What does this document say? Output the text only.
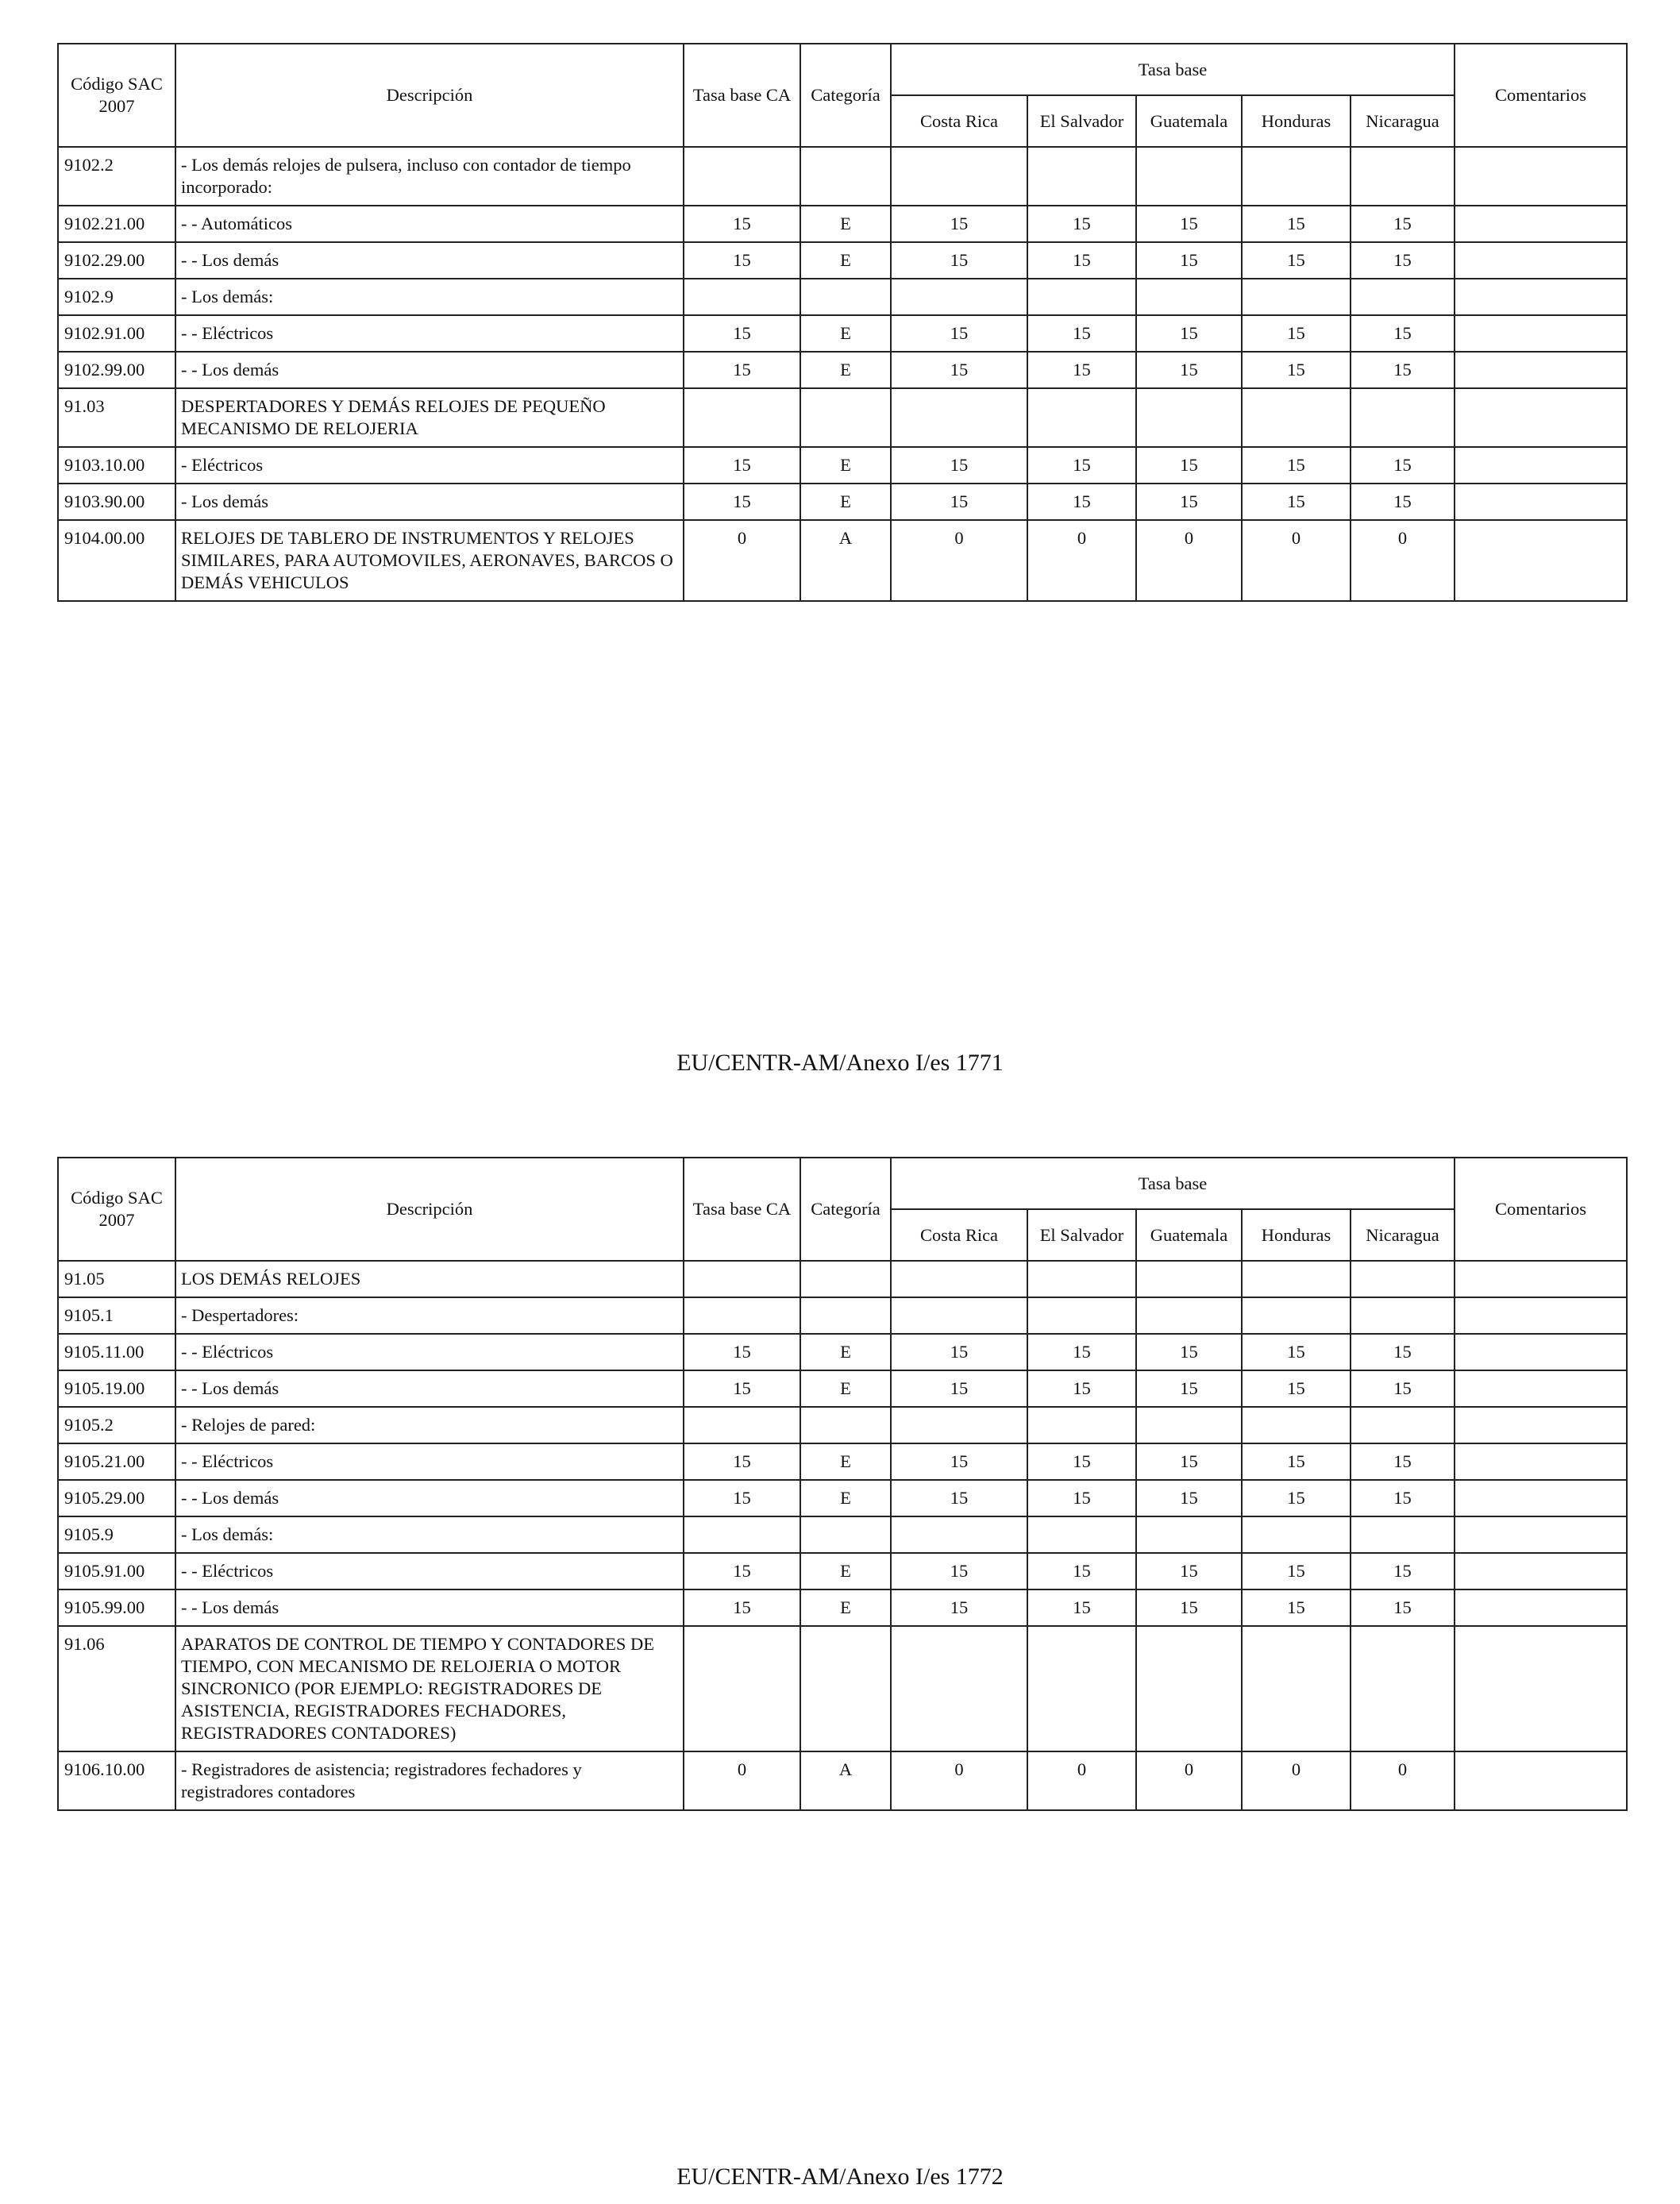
Código SAC 2007	Descripción	Tasa base CA	Categoría	Tasa base					Comentarios
				Costa Rica	El Salvador	Guatemala	Honduras	Nicaragua	
9102.2	- Los demás relojes de pulsera, incluso con contador de tiempo incorporado:								
9102.21.00	- - Automáticos	15	E	15	15	15	15	15	
9102.29.00	- - Los demás	15	E	15	15	15	15	15	
9102.9	- Los demás:								
9102.91.00	- - Eléctricos	15	E	15	15	15	15	15	
9102.99.00	- - Los demás	15	E	15	15	15	15	15	
91.03	DESPERTADORES Y DEMÁS RELOJES DE PEQUEÑO MECANISMO DE RELOJERIA								
9103.10.00	- Eléctricos	15	E	15	15	15	15	15	
9103.90.00	- Los demás	15	E	15	15	15	15	15	
9104.00.00	RELOJES DE TABLERO DE INSTRUMENTOS Y RELOJES SIMILARES, PARA AUTOMOVILES, AERONAVES, BARCOS O DEMÁS VEHICULOS	0	A	0	0	0	0	0	
EU/CENTR-AM/Anexo I/es 1771
Código SAC 2007	Descripción	Tasa base CA	Categoría	Tasa base					Comentarios
				Costa Rica	El Salvador	Guatemala	Honduras	Nicaragua	
91.05	LOS DEMÁS RELOJES								
9105.1	- Despertadores:								
9105.11.00	- - Eléctricos	15	E	15	15	15	15	15	
9105.19.00	- - Los demás	15	E	15	15	15	15	15	
9105.2	- Relojes de pared:								
9105.21.00	- - Eléctricos	15	E	15	15	15	15	15	
9105.29.00	- - Los demás	15	E	15	15	15	15	15	
9105.9	- Los demás:								
9105.91.00	- - Eléctricos	15	E	15	15	15	15	15	
9105.99.00	- - Los demás	15	E	15	15	15	15	15	
91.06	APARATOS DE CONTROL DE TIEMPO Y CONTADORES DE TIEMPO, CON MECANISMO DE RELOJERIA O MOTOR SINCRONICO (POR EJEMPLO: REGISTRADORES DE ASISTENCIA, REGISTRADORES FECHADORES, REGISTRADORES CONTADORES)								
9106.10.00	- Registradores de asistencia; registradores fechadores y registradores contadores	0	A	0	0	0	0	0	
EU/CENTR-AM/Anexo I/es 1772
